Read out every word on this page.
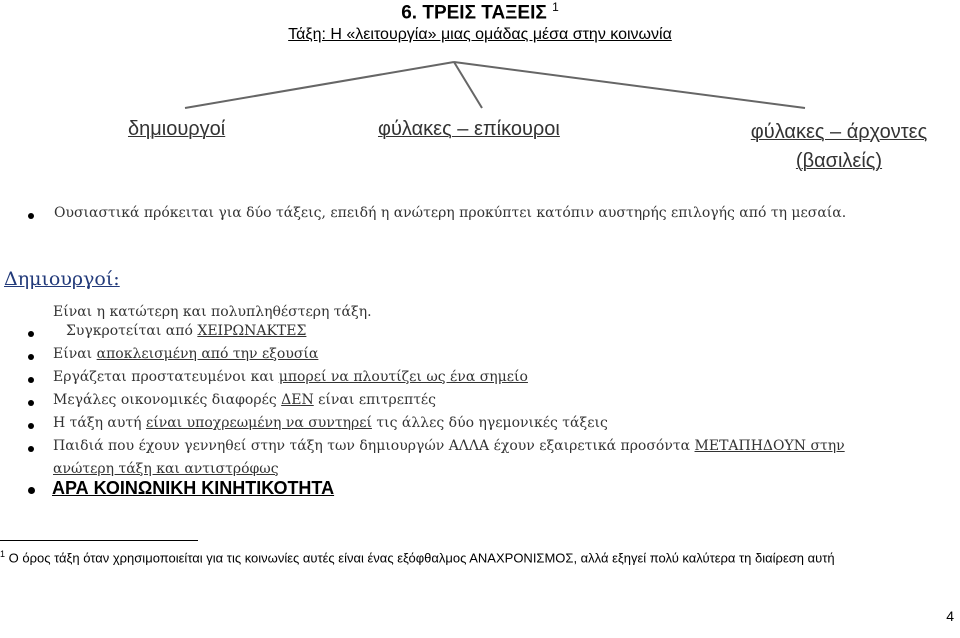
6. ΤΡΕΙΣ ΤΑΞΕΙΣ $^1$
Τάξη: Η «λειτουργία» μιας ομάδας μέσα στην κοινωνία
δημιουργοί	φύλακες – επίκουροι	φύλακες – άρχοντες
(βασιλείς)
Ουσιαστικά πρόκειται για δύο τάξεις, επειδή η ανώτερη προκύπτει κατόπιν αυστηρής επιλογής από τη μεσαία.
Δημιουργοί:
Είναι η κατώτερη και πολυπληθέστερη τάξη.
Συγκροτείται από ΧΕΙΡΩΝΑΚΤΕΣ
Είναι αποκλεισμένη από την εξουσία
Εργάζεται προστατευμένοι και μπορεί να πλουτίζει ως ένα σημείο
Μεγάλες οικονομικές διαφορές ΔΕΝ είναι επιτρεπτές
Η τάξη αυτή είναι υποχρεωμένη να συντηρεί τις άλλες δύο ηγεμονικές τάξεις
Παιδιά που έχουν γεννηθεί στην τάξη των δημιουργών ΑΛΛΑ έχουν εξαιρετικά προσόντα ΜΕΤΑΠΗΔΟΥΝ στην
ανώτερη τάξη και αντιστρόφως
ΑΡΑ ΚΟΙΝΩΝΙΚΗ ΚΙΝΗΤΙΚΟΤΗΤΑ
$^1$ Ο όρος τάξη όταν χρησιμοποιείται για τις κοινωνίες αυτές είναι ένας εξόφθαλμος ΑΝΑΧΡΟΝΙΣΜΟΣ, αλλά εξηγεί πολύ καλύτερα τη διαίρεση αυτή
4
